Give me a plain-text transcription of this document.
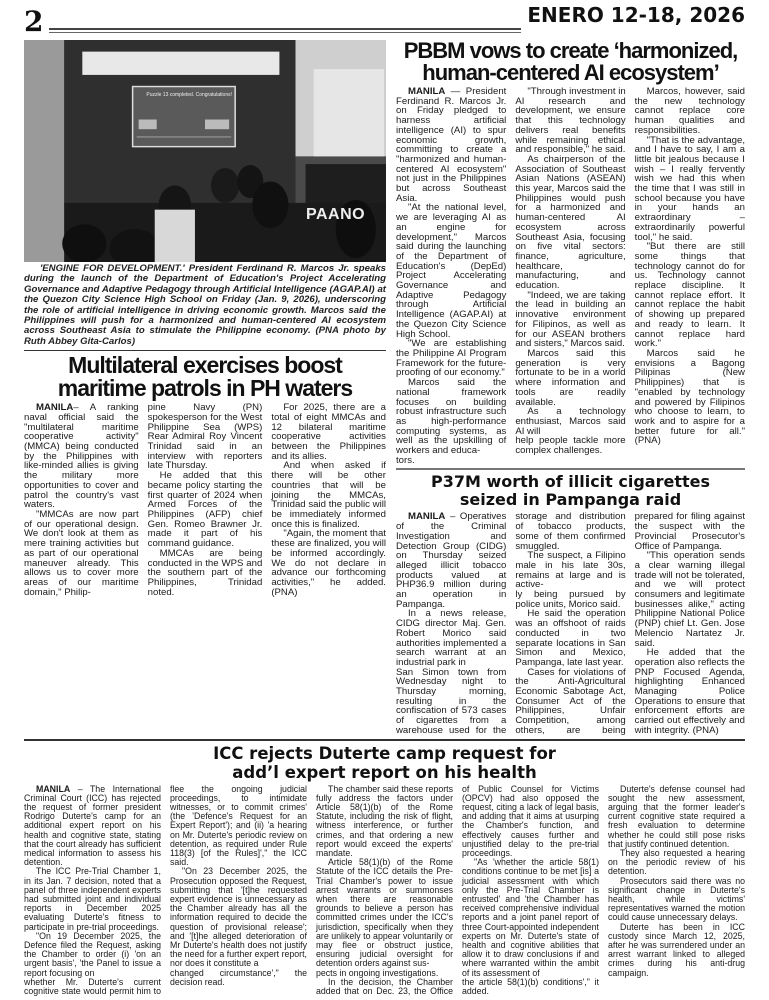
2	ENERO 12-18, 2026
Puzzle 13 completed. Congratulations!
PAANO

'ENGINE FOR DEVELOPMENT.' President Ferdinand R. Marcos Jr. speaks during the launch of the Department of Education's Project Accelerating Governance and Adaptive Pedagogy through Artificial Intelligence (AGAP.AI) at the Quezon City Science High School on Friday (Jan. 9, 2026), underscoring the role of artificial intelligence in driving economic growth. Marcos said the Philippines will push for a harmonized and human-centered AI ecosystem across Southeast Asia to stimulate the Philippine economy. (PNA photo by Ruth Abbey Gita-Carlos)

Multilateral exercises boost
maritime patrols in PH waters

MANILA– A ranking naval official said the "multilateral maritime cooperative activity" (MMCA) being conducted by the Philippines with like-minded allies is giving the military more opportunities to cover and patrol the country's vast waters.

"MMCAs are now part of our operational design. We don't look at them as mere training activities but as part of our operational maneuver already. This allows us to cover more areas of our maritime domain," Philip-

pine Navy (PN) spokesperson for the West Philippine Sea (WPS) Rear Admiral Roy Vincent Trinidad said in an interview with reporters late Thursday.

He added that this became policy starting the first quarter of 2024 when Armed Forces of the Philippines (AFP) chief Gen. Romeo Brawner Jr. made it part of his command guidance.

MMCAs are being conducted in the WPS and the southern part of the Philippines, Trinidad noted.

For 2025, there are a total of eight MMCAs and 12 bilateral maritime cooperative activities between the Philippines and its allies.

And when asked if there will be other countries that will be joining the MMCAs, Trinidad said the public will be immediately informed once this is finalized.

"Again, the moment that these are finalized, you will be informed accordingly. We do not declare in advance our forthcoming activities," he added. (PNA)

PBBM vows to create ‘harmonized,
human-centered AI ecosystem’

MANILA — President Ferdinand R. Marcos Jr. on Friday pledged to harness artificial intelligence (AI) to spur economic growth, committing to create a "harmonized and human-centered AI ecosystem" not just in the Philippines but across Southeast Asia.

"At the national level, we are leveraging AI as an engine for development," Marcos said during the launching of the Department of Education's (DepEd) Project Accelerating Governance and Adaptive Pedagogy through Artificial Intelligence (AGAP.AI) at the Quezon City Science High School.

"We are establishing the Philippine AI Program Framework for the future-proofing of our economy."

Marcos said the national framework focuses on building robust infrastructure such as high-performance computing systems, as well as the upskilling of workers and educa-

tors.

"Through investment in AI research and development, we ensure that this technology delivers real benefits while remaining ethical and responsible," he said.

As chairperson of the Association of Southeast Asian Nations (ASEAN) this year, Marcos said the Philippines would push for a harmonized and human-centered AI ecosystem across Southeast Asia, focusing on five vital sectors: finance, agriculture, healthcare, manufacturing, and education.

"Indeed, we are taking the lead in building an innovative environment for Filipinos, as well as for our ASEAN brothers and sisters," Marcos said.

Marcos said this generation is very fortunate to be in a world where information and tools are readily available.

As a technology enthusiast, Marcos said AI will

help people tackle more complex challenges.

Marcos, however, said the new technology cannot replace core human qualities and responsibilities.

"That is the advantage, and I have to say, I am a little bit jealous because I wish – I really fervently wish we had this when the time that I was still in school because you have in your hands an extraordinary – extraordinarily powerful tool," he said.

"But there are still some things that technology cannot do for us. Technology cannot replace discipline. It cannot replace effort. It cannot replace the habit of showing up prepared and ready to learn. It cannot replace hard work."

Marcos said he envisions a Bagong Pilipinas (New Philippines) that is "enabled by technology and powered by Filipinos who choose to learn, to work and to aspire for a better future for all." (PNA)

P37M worth of illicit cigarettes
seized in Pampanga raid

MANILA – Operatives of the Criminal Investigation and Detection Group (CIDG) on Thursday seized alleged illicit tobacco products valued at PHP36.9 million during an operation in Pampanga.

In a news release, CIDG director Maj. Gen. Robert Morico said authorities implemented a search warrant at an industrial park in

San Simon town from Wednesday night to Thursday morning, resulting in the confiscation of 573 cases of cigarettes from a warehouse used for the storage and distribution of tobacco products, some of them confirmed smuggled.

The suspect, a Filipino male in his late 30s, remains at large and is active-

ly being pursued by police units, Morico said.

He said the operation was an offshoot of raids conducted in two separate locations in San Simon and Mexico, Pampanga, late last year.

Cases for violations of the Anti-Agricultural Economic Sabotage Act, Consumer Act of the Philippines, Unfair Competition, among others, are being prepared for filing against the suspect with the Provincial Prosecutor's Office of Pampanga.

"This operation sends a clear warning illegal trade will not be tolerated, and we will protect consumers and legitimate businesses alike," acting Philippine National Police (PNP) chief Lt. Gen. Jose Melencio Nartatez Jr. said.

He added that the operation also reflects the PNP Focused Agenda, highlighting Enhanced Managing Police Operations to ensure that enforcement efforts are carried out effectively and with integrity. (PNA)

ICC rejects Duterte camp request for
add’l expert report on his health

MANILA – The International Criminal Court (ICC) has rejected the request of former president Rodrigo Duterte's camp for an additional expert report on his health and cognitive state, stating that the court already has sufficient medical information to assess his detention.

The ICC Pre-Trial Chamber 1, in its Jan. 7 decision, noted that a panel of three independent experts had submitted joint and individual reports in December 2025 evaluating Duterte's fitness to participate in pre-trial proceedings.

"On 19 December 2025, the Defence filed the Request, asking the Chamber to order (i) 'on an urgent basis', 'the Panel to issue a report focusing on

whether Mr. Duterte's current cognitive state would permit him to flee the ongoing judicial proceedings, to intimidate witnesses, or to commit crimes' (the 'Defence's Request for an Expert Report'); and (ii) 'a hearing on Mr. Duterte's periodic review on detention, as required under Rule 118(3) [of the Rules]'," the ICC said.

"On 23 December 2025, the Prosecution opposed the Request, submitting that '[t]he requested expert evidence is unnecessary as the Chamber already has all the information required to decide the question of provisional release'; and '[t]he alleged deterioration of Mr Duterte's health does not justify the need for a further expert report, nor does it constitute a

changed circumstance'," the decision read.

The chamber said these reports fully address the factors under Article 58(1)(b) of the Rome Statute, including the risk of flight, witness interference, or further crimes, and that ordering a new report would exceed the experts' mandate.

Article 58(1)(b) of the Rome Statute of the ICC details the Pre-Trial Chamber's power to issue arrest warrants or summonses when there are reasonable grounds to believe a person has committed crimes under the ICC's jurisdiction, specifically when they are unlikely to appear voluntarily or may flee or obstruct justice, ensuring judicial oversight for detention orders against sus-

pects in ongoing investigations.

In the decision, the Chamber added that on Dec. 23, the Office of Public Counsel for Victims (OPCV) had also opposed the request, citing a lack of legal basis, and adding that it aims at usurping the Chamber's function, and effectively causes further and unjustified delay to the pre-trial proceedings.

"As 'whether the article 58(1) conditions continue to be met [is] a judicial assessment with which only the Pre-Trial Chamber is entrusted' and 'the Chamber has received comprehensive individual reports and a joint panel report of three Court-appointed independent experts on Mr. Duterte's state of health and cognitive abilities that allow it to draw conclusions if and where warranted within the ambit of its assessment of

the article 58(1)(b) conditions'," it added.

Duterte's defense counsel had sought the new assessment, arguing that the former leader's current cognitive state required a fresh evaluation to determine whether he could still pose risks that justify continued detention.

They also requested a hearing on the periodic review of his detention.

Prosecutors said there was no significant change in Duterte's health, while victims' representatives warned the motion could cause unnecessary delays.

Duterte has been in ICC custody since March 12, 2025, after he was surrendered under an arrest warrant linked to alleged crimes during his anti-drug campaign.
